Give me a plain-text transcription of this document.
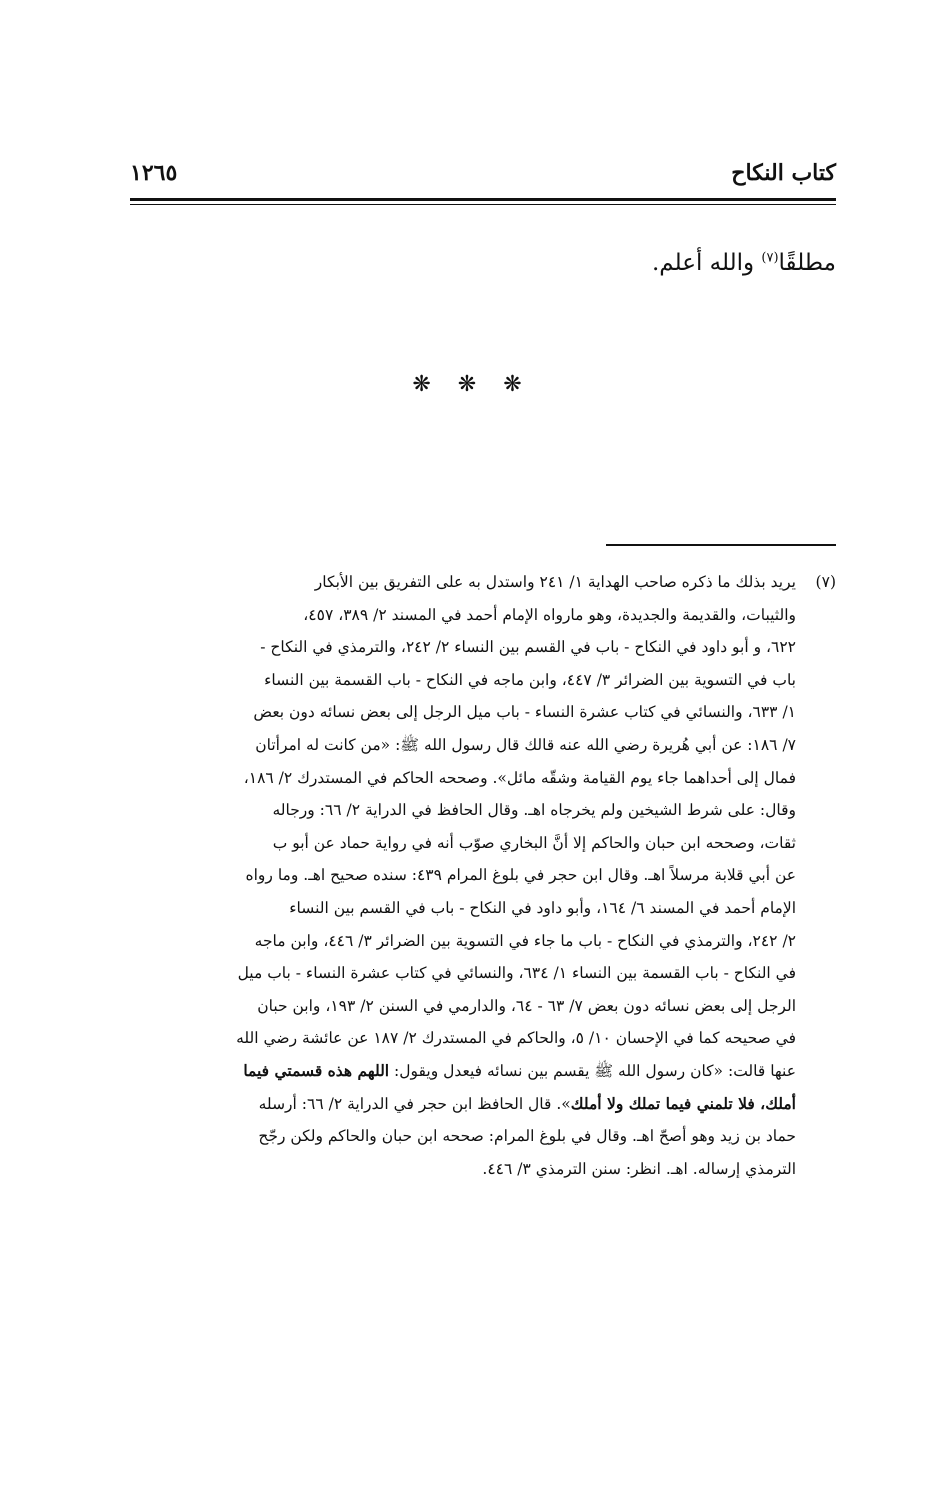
كتاب النكاح
١٢٦٥
مطلقًا$^{(٧)}$ والله أعلم.
❋ ❋ ❋
(٧)
يريد بذلك ما ذكره صاحب الهداية ١/ ٢٤١ واستدل به على التفريق بين الأبكار
والثيبات، والقديمة والجديدة، وهو مارواه الإمام أحمد في المسند ٢/ ٣٨٩، ٤٥٧،
٦٢٢، و أبو داود في النكاح - باب في القسم بين النساء ٢/ ٢٤٢، والترمذي في النكاح -
باب في التسوية بين الضرائر ٣/ ٤٤٧، وابن ماجه في النكاح - باب القسمة بين النساء
١/ ٦٣٣، والنسائي في كتاب عشرة النساء - باب ميل الرجل إلى بعض نسائه دون بعض
٧/ ١٨٦: عن أبي هُريرة رضي الله عنه قالك قال رسول الله ﷺ: «من كانت له امرأتان
فمال إلى أحداهما جاء يوم القيامة وشقّه مائل». وصححه الحاكم في المستدرك ٢/ ١٨٦،
وقال: على شرط الشيخين ولم يخرجاه اهـ. وقال الحافظ في الدراية ٢/ ٦٦: ورجاله
ثقات، وصححه ابن حبان والحاكم إلا أنَّ البخاري صوّب أنه في رواية حماد عن أبو ب
عن أبي قلابة مرسلاً اهـ. وقال ابن حجر في بلوغ المرام ٤٣٩: سنده صحيح اهـ. وما رواه
الإمام أحمد في المسند ٦/ ١٦٤، وأبو داود في النكاح - باب في القسم بين النساء
٢/ ٢٤٢، والترمذي في النكاح - باب ما جاء في التسوية بين الضرائر ٣/ ٤٤٦، وابن ماجه
في النكاح - باب القسمة بين النساء ١/ ٦٣٤، والنسائي في كتاب عشرة النساء - باب ميل
الرجل إلى بعض نسائه دون بعض ٧/ ٦٣ - ٦٤، والدارمي في السنن ٢/ ١٩٣، وابن حبان
في صحيحه كما في الإحسان ١٠/ ٥، والحاكم في المستدرك ٢/ ١٨٧ عن عائشة رضي الله
عنها قالت: «كان رسول الله ﷺ يقسم بين نسائه فيعدل ويقول: اللهم هذه قسمتي فيما
أملك، فلا تلمني فيما تملك ولا أملك». قال الحافظ ابن حجر في الدراية ٢/ ٦٦: أرسله
حماد بن زيد وهو أصحّ اهـ. وقال في بلوغ المرام: صححه ابن حبان والحاكم ولكن رجّح
الترمذي إرساله. اهـ. انظر: سنن الترمذي ٣/ ٤٤٦.
